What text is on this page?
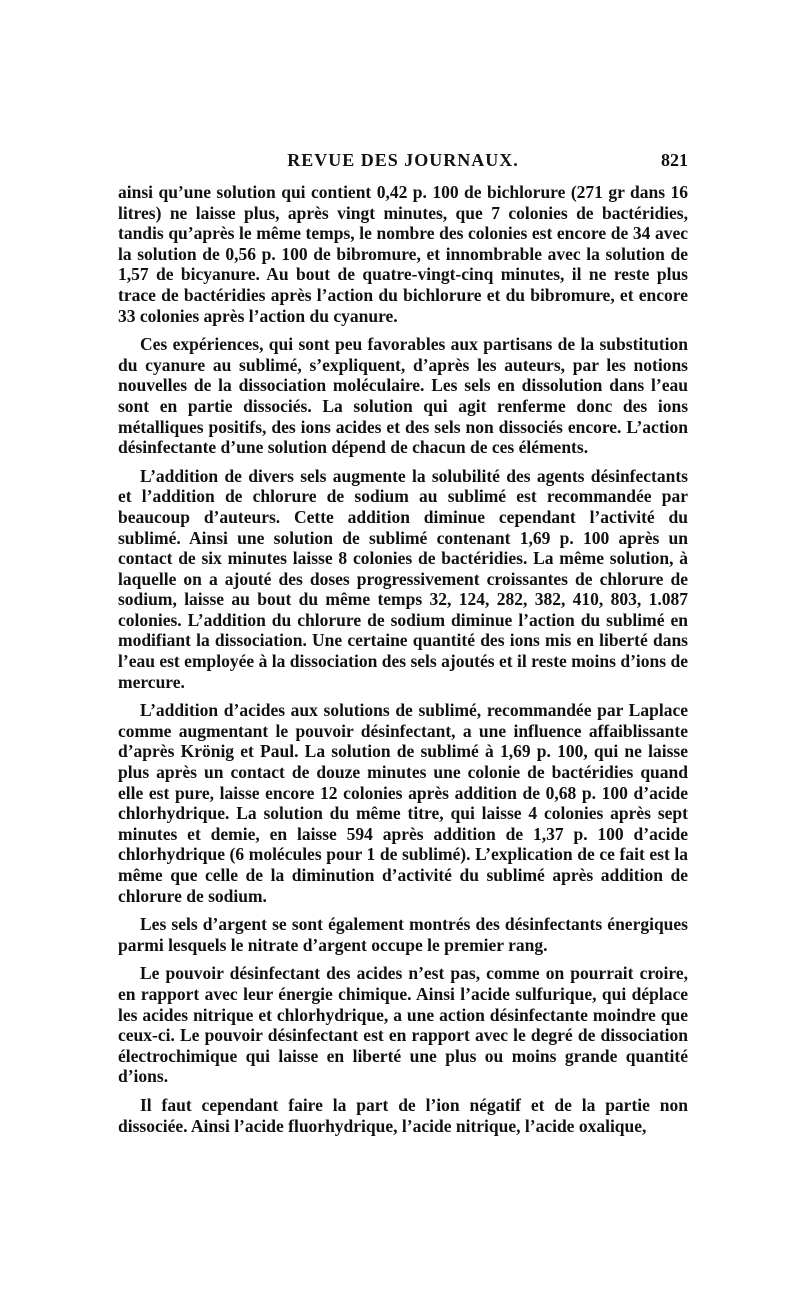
REVUE DES JOURNAUX.	821

ainsi qu’une solution qui contient 0,42 p. 100 de bichlorure (271 gr dans 16 litres) ne laisse plus, après vingt minutes, que 7 colonies de bactéridies, tandis qu’après le même temps, le nombre des colonies est encore de 34 avec la solution de 0,56 p. 100 de bibromure, et innombrable avec la solution de 1,57 de bicyanure. Au bout de quatre-vingt-cinq minutes, il ne reste plus trace de bactéridies après l’action du bichlorure et du bibromure, et encore 33 colonies après l’action du cyanure.

Ces expériences, qui sont peu favorables aux partisans de la substitution du cyanure au sublimé, s’expliquent, d’après les auteurs, par les notions nouvelles de la dissociation moléculaire. Les sels en dissolution dans l’eau sont en partie dissociés. La solution qui agit renferme donc des ions métalliques positifs, des ions acides et des sels non dissociés encore. L’action désinfectante d’une solution dépend de chacun de ces éléments.

L’addition de divers sels augmente la solubilité des agents désinfectants et l’addition de chlorure de sodium au sublimé est recommandée par beaucoup d’auteurs. Cette addition diminue cependant l’activité du sublimé. Ainsi une solution de sublimé contenant 1,69 p. 100 après un contact de six minutes laisse 8 colonies de bactéridies. La même solution, à laquelle on a ajouté des doses progressivement croissantes de chlorure de sodium, laisse au bout du même temps 32, 124, 282, 382, 410, 803, 1.087 colonies. L’addition du chlorure de sodium diminue l’action du sublimé en modifiant la dissociation. Une certaine quantité des ions mis en liberté dans l’eau est employée à la dissociation des sels ajoutés et il reste moins d’ions de mercure.

L’addition d’acides aux solutions de sublimé, recommandée par Laplace comme augmentant le pouvoir désinfectant, a une influence affaiblissante d’après Krönig et Paul. La solution de sublimé à 1,69 p. 100, qui ne laisse plus après un contact de douze minutes une colonie de bactéridies quand elle est pure, laisse encore 12 colonies après addition de 0,68 p. 100 d’acide chlorhydrique. La solution du même titre, qui laisse 4 colonies après sept minutes et demie, en laisse 594 après addition de 1,37 p. 100 d’acide chlorhydrique (6 molécules pour 1 de sublimé). L’explication de ce fait est la même que celle de la diminution d’activité du sublimé après addition de chlorure de sodium.

Les sels d’argent se sont également montrés des désinfectants énergiques parmi lesquels le nitrate d’argent occupe le premier rang.

Le pouvoir désinfectant des acides n’est pas, comme on pourrait croire, en rapport avec leur énergie chimique. Ainsi l’acide sulfurique, qui déplace les acides nitrique et chlorhydrique, a une action désinfectante moindre que ceux-ci. Le pouvoir désinfectant est en rapport avec le degré de dissociation électrochimique qui laisse en liberté une plus ou moins grande quantité d’ions.

Il faut cependant faire la part de l’ion négatif et de la partie non dissociée. Ainsi l’acide fluorhydrique, l’acide nitrique, l’acide oxalique,
